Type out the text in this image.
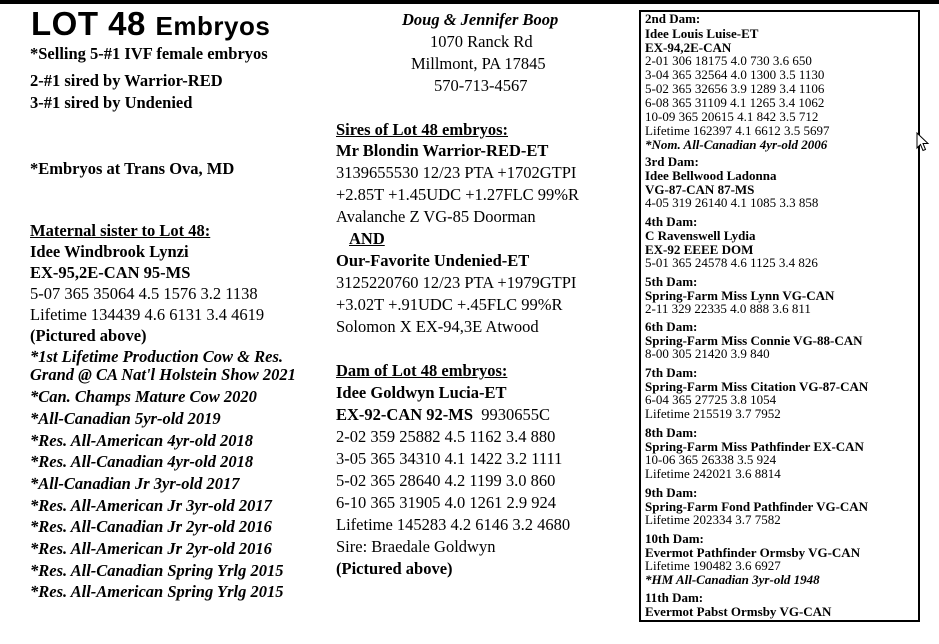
LOT 48 Embryos
*Selling 5-#1 IVF female embryos
2-#1 sired by Warrior-RED
3-#1 sired by Undenied
*Embryos at Trans Ova, MD
Maternal sister to Lot 48:
Idee Windbrook Lynzi
EX-95,2E-CAN 95-MS
5-07 365 35064 4.5 1576 3.2 1138
Lifetime 134439 4.6 6131 3.4 4619
(Pictured above)
*1st Lifetime Production Cow & Res.
Grand @ CA Nat'l Holstein Show 2021
*Can. Champs Mature Cow 2020
*All-Canadian 5yr-old 2019
*Res. All-American 4yr-old 2018
*Res. All-Canadian 4yr-old 2018
*All-Canadian Jr 3yr-old 2017
*Res. All-American Jr 3yr-old 2017
*Res. All-Canadian Jr 2yr-old 2016
*Res. All-American Jr 2yr-old 2016
*Res. All-Canadian Spring Yrlg 2015
*Res. All-American Spring Yrlg 2015
Doug & Jennifer Boop
1070 Ranck Rd
Millmont, PA 17845
570-713-4567
Sires of Lot 48 embryos:
Mr Blondin Warrior-RED-ET
3139655530 12/23 PTA +1702GTPI
+2.85T +1.45UDC +1.27FLC 99%R
Avalanche Z VG-85 Doorman
AND
Our-Favorite Undenied-ET
3125220760 12/23 PTA +1979GTPI
+3.02T +.91UDC +.45FLC 99%R
Solomon X EX-94,3E Atwood
Dam of Lot 48 embryos:
Idee Goldwyn Lucia-ET
EX-92-CAN 92-MS 9930655C
2-02 359 25882 4.5 1162 3.4 880
3-05 365 34310 4.1 1422 3.2 1111
5-02 365 28640 4.2 1199 3.0 860
6-10 365 31905 4.0 1261 2.9 924
Lifetime 145283 4.2 6146 3.2 4680
Sire: Braedale Goldwyn
(Pictured above)
2nd Dam:
Idee Louis Luise-ET
EX-94,2E-CAN
2-01 306 18175 4.0 730 3.6 650
3-04 365 32564 4.0 1300 3.5 1130
5-02 365 32656 3.9 1289 3.4 1106
6-08 365 31109 4.1 1265 3.4 1062
10-09 365 20615 4.1 842 3.5 712
Lifetime 162397 4.1 6612 3.5 5697
*Nom. All-Canadian 4yr-old 2006
3rd Dam:
Idee Bellwood Ladonna
VG-87-CAN 87-MS
4-05 319 26140 4.1 1085 3.3 858
4th Dam:
C Ravenswell Lydia
EX-92 EEEE DOM
5-01 365 24578 4.6 1125 3.4 826
5th Dam:
Spring-Farm Miss Lynn VG-CAN
2-11 329 22335 4.0 888 3.6 811
6th Dam:
Spring-Farm Miss Connie VG-88-CAN
8-00 305 21420 3.9 840
7th Dam:
Spring-Farm Miss Citation VG-87-CAN
6-04 365 27725 3.8 1054
Lifetime 215519 3.7 7952
8th Dam:
Spring-Farm Miss Pathfinder EX-CAN
10-06 365 26338 3.5 924
Lifetime 242021 3.6 8814
9th Dam:
Spring-Farm Fond Pathfinder VG-CAN
Lifetime 202334 3.7 7582
10th Dam:
Evermot Pathfinder Ormsby VG-CAN
Lifetime 190482 3.6 6927
*HM All-Canadian 3yr-old 1948
11th Dam:
Evermot Pabst Ormsby VG-CAN
